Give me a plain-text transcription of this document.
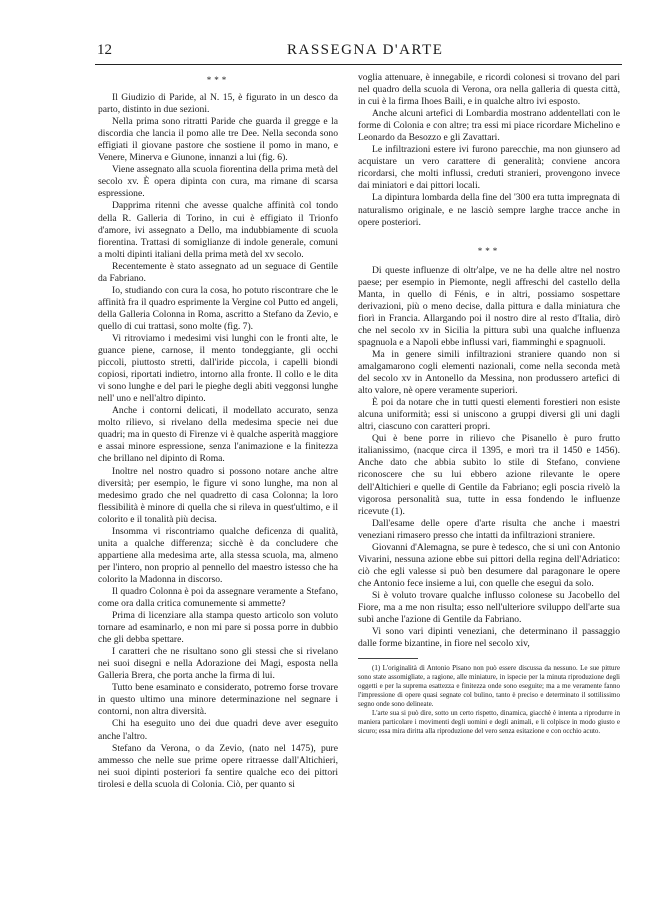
12	RASSEGNA D'ARTE
***

Il Giudizio di Paride, al N. 15, è figurato in un desco da parto, distinto in due sezioni.

Nella prima sono ritratti Paride che guarda il gregge e la discordia che lancia il pomo alle tre Dee. Nella seconda sono effigiati il giovane pastore che sostiene il pomo in mano, e Venere, Minerva e Giunone, innanzi a lui (fig. 6).

Viene assegnato alla scuola fiorentina della prima metà del secolo xv. È opera dipinta con cura, ma rimane di scarsa espressione.

Dapprima ritenni che avesse qualche affinità col tondo della R. Galleria di Torino, in cui è effigiato il Trionfo d'amore, ivi assegnato a Dello, ma indubbiamente di scuola fiorentina. Trattasi di somiglianze di indole generale, comuni a molti dipinti italiani della prima metà del xv secolo.

Recentemente è stato assegnato ad un seguace di Gentile da Fabriano.

Io, studiando con cura la cosa, ho potuto riscontrare che le affinità fra il quadro esprimente la Vergine col Putto ed angeli, della Galleria Colonna in Roma, ascritto a Stefano da Zevio, e quello di cui trattasi, sono molte (fig. 7).

Vi ritroviamo i medesimi visi lunghi con le fronti alte, le guance piene, carnose, il mento tondeggiante, gli occhi piccoli, piuttosto stretti, dall'iride piccola, i capelli biondi copiosi, riportati indietro, intorno alla fronte. Il collo e le dita vi sono lunghe e del pari le pieghe degli abiti veggonsi lunghe nell' uno e nell'altro dipinto.

Anche i contorni delicati, il modellato accurato, senza molto rilievo, si rivelano della medesima specie nei due quadri; ma in questo di Firenze vi è qualche asperità maggiore e assai minore espressione, senza l'animazione e la finitezza che brillano nel dipinto di Roma.

Inoltre nel nostro quadro si possono notare anche altre diversità; per esempio, le figure vi sono lunghe, ma non al medesimo grado che nel quadretto di casa Colonna; la loro flessibilità è minore di quella che si rileva in quest'ultimo, e il colorito e il tonalità più decisa.

Insomma vi riscontriamo qualche deficenza di qualità, unita a qualche differenza; sicchè è da concludere che appartiene alla medesima arte, alla stessa scuola, ma, almeno per l'intero, non proprio al pennello del maestro istesso che ha colorito la Madonna in discorso.

Il quadro Colonna è poi da assegnare veramente a Stefano, come ora dalla critica comunemente si ammette?

Prima di licenziare alla stampa questo articolo son voluto tornare ad esaminarlo, e non mi pare si possa porre in dubbio che gli debba spettare.

I caratteri che ne risultano sono gli stessi che si rivelano nei suoi disegni e nella Adorazione dei Magi, esposta nella Galleria Brera, che porta anche la firma di lui.

Tutto bene esaminato e considerato, potremo forse trovare in questo ultimo una minore determinazione nel segnare i contorni, non altra diversità.

Chi ha eseguito uno dei due quadri deve aver eseguito anche l'altro.

Stefano da Verona, o da Zevio, (nato nel 1475), pure ammesso che nelle sue prime opere ritraesse dall'Altichieri, nei suoi dipinti posteriori fa sentire qualche eco dei pittori tirolesi e della scuola di Colonia. Ciò, per quanto si

voglia attenuare, è innegabile, e ricordi colonesi si trovano del pari nel quadro della scuola di Verona, ora nella galleria di questa città, in cui è la firma Ihoes Baili, e in qualche altro ivi esposto.

Anche alcuni artefici di Lombardia mostrano addentellati con le forme di Colonia e con altre; tra essi mi piace ricordare Michelino e Leonardo da Besozzo e gli Zavattari.

Le infiltrazioni estere ivi furono parecchie, ma non giunsero ad acquistare un vero carattere di generalità; conviene ancora ricordarsi, che molti influssi, creduti stranieri, provengono invece dai miniatori e dai pittori locali.

La dipintura lombarda della fine del '300 era tutta impregnata di naturalismo originale, e ne lasciò sempre larghe tracce anche in opere posteriori.

***

Di queste influenze di oltr'alpe, ve ne ha delle altre nel nostro paese; per esempio in Piemonte, negli affreschi del castello della Manta, in quello di Fénis, e in altri, possiamo sospettare derivazioni, più o meno decise, dalla pittura e dalla miniatura che fiorì in Francia. Allargando poi il nostro dire al resto d'Italia, dirò che nel secolo xv in Sicilia la pittura subì una qualche influenza spagnuola e a Napoli ebbe influssi vari, fiamminghi e spagnuoli.

Ma in genere simili infiltrazioni straniere quando non si amalgamarono cogli elementi nazionali, come nella seconda metà del secolo xv in Antonello da Messina, non produssero artefici di alto valore, nè opere veramente superiori.

È poi da notare che in tutti questi elementi forestieri non esiste alcuna uniformità; essi si uniscono a gruppi diversi gli uni dagli altri, ciascuno con caratteri propri.

Qui è bene porre in rilievo che Pisanello è puro frutto italianissimo, (nacque circa il 1395, e morì tra il 1450 e 1456). Anche dato che abbia subìto lo stile di Stefano, conviene riconoscere che su lui ebbero azione rilevante le opere dell'Altichieri e quelle di Gentile da Fabriano; egli poscia rivelò la vigorosa personalità sua, tutte in essa fondendo le influenze ricevute (1).

Dall'esame delle opere d'arte risulta che anche i maestri veneziani rimasero presso che intatti da infiltrazioni straniere.

Giovanni d'Alemagna, se pure è tedesco, che si unì con Antonio Vivarini, nessuna azione ebbe sui pittori della regina dell'Adriatico: ciò che egli valesse si può ben desumere dal paragonare le opere che Antonio fece insieme a lui, con quelle che eseguì da solo.

Si è voluto trovare qualche influsso colonese su Jacobello del Fiore, ma a me non risulta; esso nell'ulteriore sviluppo dell'arte sua subì anche l'azione di Gentile da Fabriano.

Vi sono vari dipinti veneziani, che determinano il passaggio dalle forme bizantine, in fiore nel secolo xiv,

(1) L'originalità di Antonio Pisano non può essere discussa da nessuno. Le sue pitture sono state assomigliate, a ragione, alle miniature, in ispecie per la minuta riproduzione degli oggetti e per la suprema esattezza e finitezza onde sono eseguite; ma a me veramente fanno l'impressione di opere quasi segnate col bulino, tanto è preciso e determinato il sottilissimo segno onde sono delineate.

L'arte sua si può dire, sotto un certo rispetto, dinamica, giacchè è intenta a riprodurre in maniera particolare i movimenti degli uomini e degli animali, e li colpisce in modo giusto e sicuro; essa mira diritta alla riproduzione del vero senza esitazione e con occhio acuto.
